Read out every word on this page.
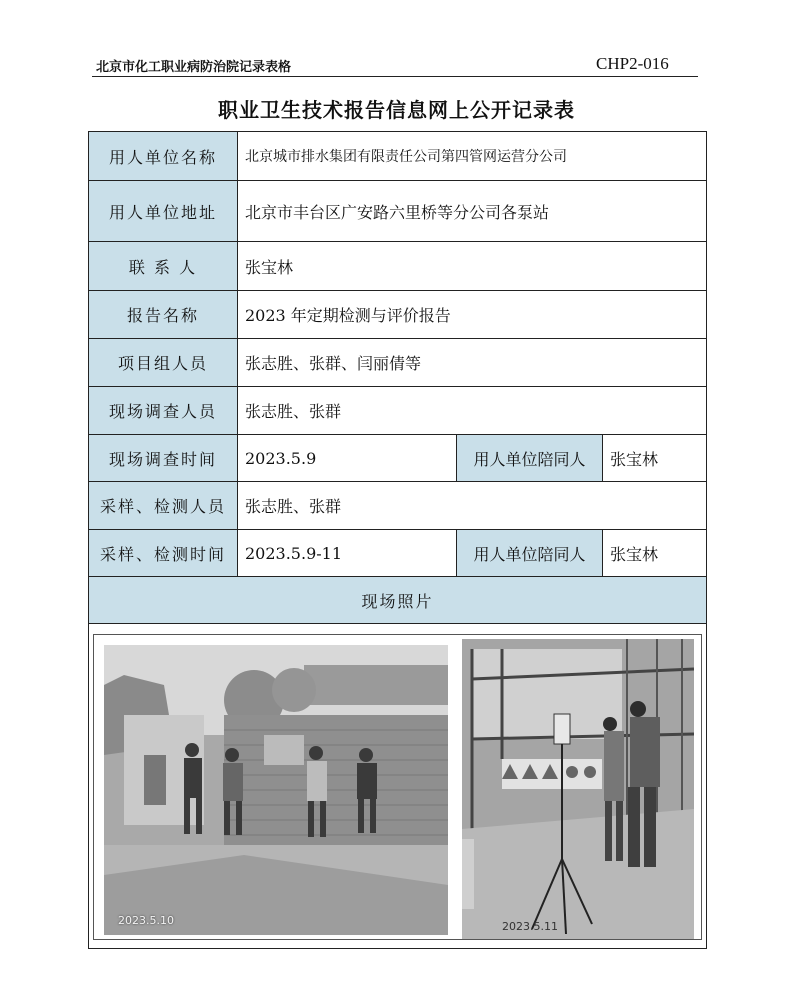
北京市化工职业病防治院记录表格	CHP2-016
职业卫生技术报告信息网上公开记录表
用人单位名称	北京城市排水集团有限责任公司第四管网运营分公司
用人单位地址	北京市丰台区广安路六里桥等分公司各泵站
联 系 人	张宝林
报告名称	2023 年定期检测与评价报告
项目组人员	张志胜、张群、闫丽倩等
现场调查人员	张志胜、张群
现场调查时间	2023.5.9	用人单位陪同人	张宝林
采样、检测人员	张志胜、张群
采样、检测时间	2023.5.9-11	用人单位陪同人	张宝林
现场照片
2023.5.10	2023.5.11
